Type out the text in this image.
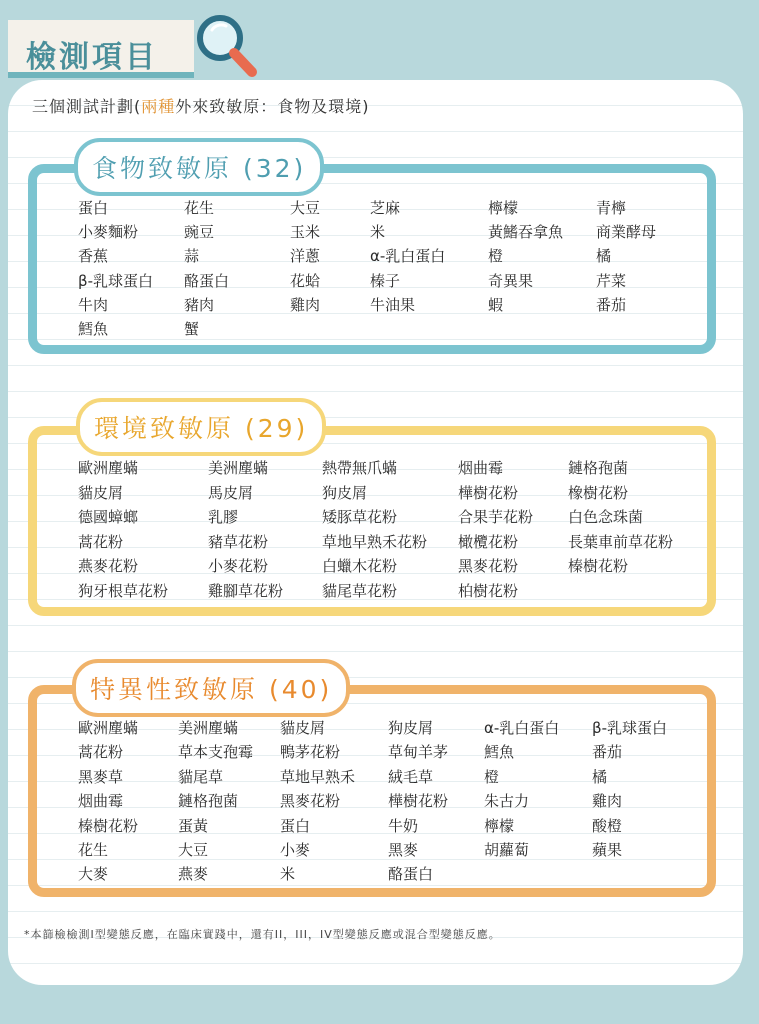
檢測項目
三個測試計劃(兩種外來致敏原：食物及環境)
食物致敏原 (32)
蛋白
小麥麵粉
香蕉
β-乳球蛋白
牛肉
鱈魚
花生
豌豆
蒜
酪蛋白
豬肉
蟹
大豆
玉米
洋蔥
花蛤
雞肉
芝麻
米
α-乳白蛋白
榛子
牛油果
檸檬
黃鰭吞拿魚
橙
奇異果
蝦
青檸
商業酵母
橘
芹菜
番茄
環境致敏原 (29)
歐洲塵蟎
貓皮屑
德國蟑螂
蒿花粉
燕麥花粉
狗牙根草花粉
美洲塵蟎
馬皮屑
乳膠
豬草花粉
小麥花粉
雞腳草花粉
熱帶無爪蟎
狗皮屑
矮豚草花粉
草地早熟禾花粉
白蠟木花粉
貓尾草花粉
烟曲霉
樺樹花粉
合果芋花粉
橄欖花粉
黑麥花粉
柏樹花粉
鏈格孢菌
橡樹花粉
白色念珠菌
長葉車前草花粉
榛樹花粉
特異性致敏原 (40)
歐洲塵蟎
蒿花粉
黑麥草
烟曲霉
榛樹花粉
花生
大麥
美洲塵蟎
草本支孢霉
貓尾草
鏈格孢菌
蛋黃
大豆
燕麥
貓皮屑
鴨茅花粉
草地早熟禾
黑麥花粉
蛋白
小麥
米
狗皮屑
草甸羊茅
絨毛草
樺樹花粉
牛奶
黑麥
酪蛋白
α-乳白蛋白
鱈魚
橙
朱古力
檸檬
胡蘿蔔
β-乳球蛋白
番茄
橘
雞肉
酸橙
蘋果
*本篩檢檢測I型變態反應，在臨床實踐中，還有II，III，IV型變態反應或混合型變態反應。
